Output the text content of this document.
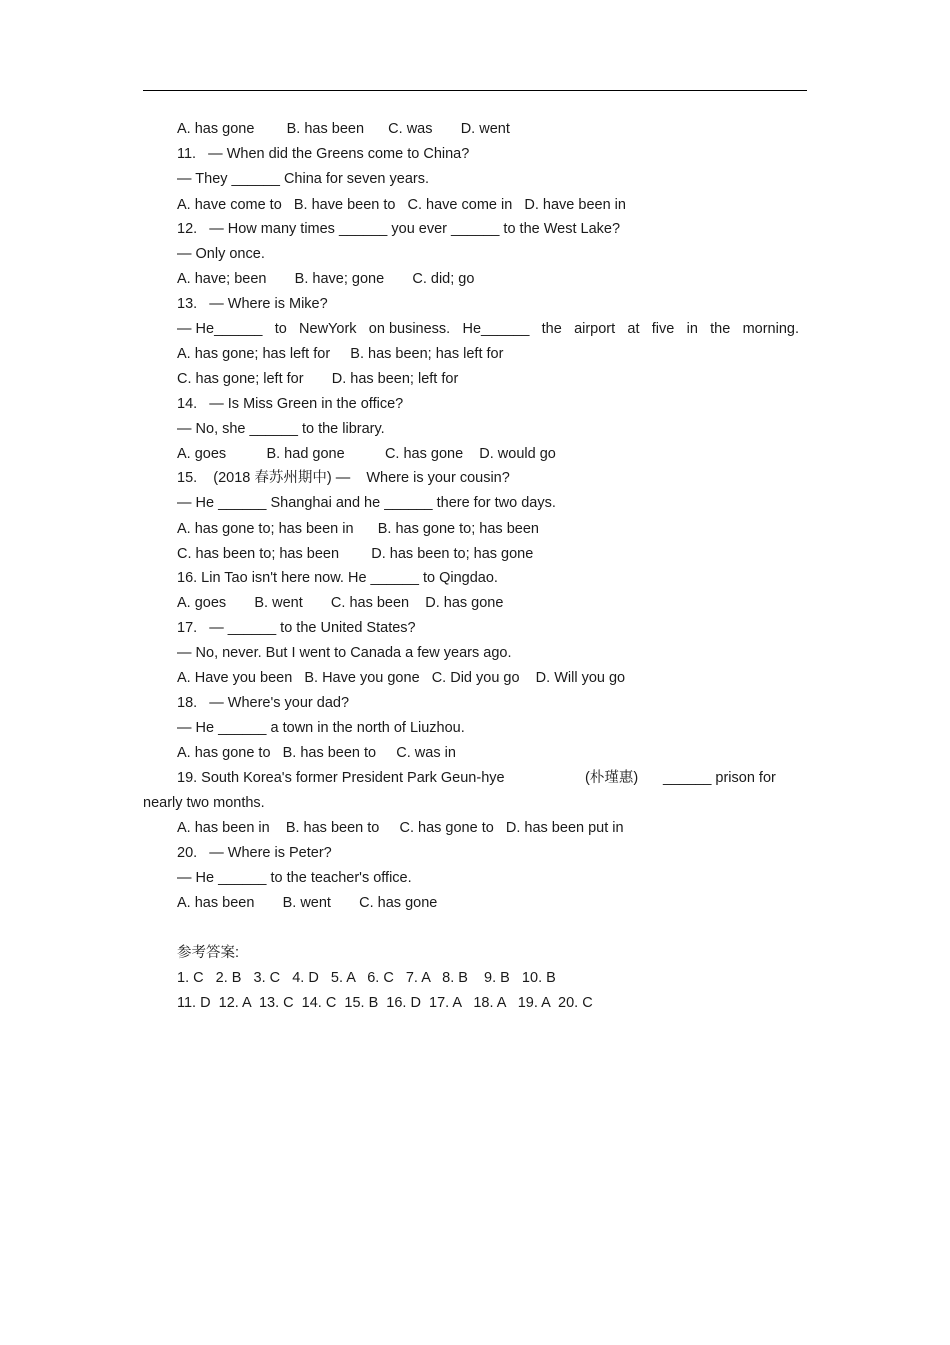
A. has gone        B. has been      C. was       D. went
11.   — When did the Greens come to China?
— They ______ China for seven years.
A. have come to   B. have been to   C. have come in   D. have been in
12.   — How many times ______ you ever ______ to the West Lake?
— Only once.
A. have; been       B. have; gone       C. did; go
13.   — Where is Mike?
— He______ to NewYork on business. He______ the airport at five in the morning.
A. has gone; has left for     B. has been; has left for
C. has gone; left for       D. has been; left for
14.   — Is Miss Green in the office?
— No, she ______ to the library.
A. goes          B. had gone          C. has gone    D. would go
15.    (2018 春苏州期中) —    Where is your cousin?
— He ______ Shanghai and he ______ there for two days.
A. has gone to; has been in      B. has gone to; has been
C. has been to; has been        D. has been to; has gone
16. Lin Tao isn't here now. He ______ to Qingdao.
A. goes       B. went       C. has been    D. has gone
17.   — ______ to the United States?
— No, never. But I went to Canada a few years ago.
A. Have you been   B. Have you gone   C. Did you go    D. Will you go
18.   — Where's your dad?
— He ______ a town in the north of Liuzhou.
A. has gone to   B. has been to     C. was in
19. South Korea's former President Park Geun-hye	(朴瑾惠) ______ prison for
nearly two months.
A. has been in    B. has been to     C. has gone to   D. has been put in
20.   — Where is Peter?
— He ______ to the teacher's office.
A. has been       B. went       C. has gone
参考答案:
1. C   2. B   3. C   4. D   5. A   6. C   7. A   8. B    9. B   10. B
11. D  12. A  13. C  14. C  15. B  16. D  17. A   18. A   19. A  20. C
